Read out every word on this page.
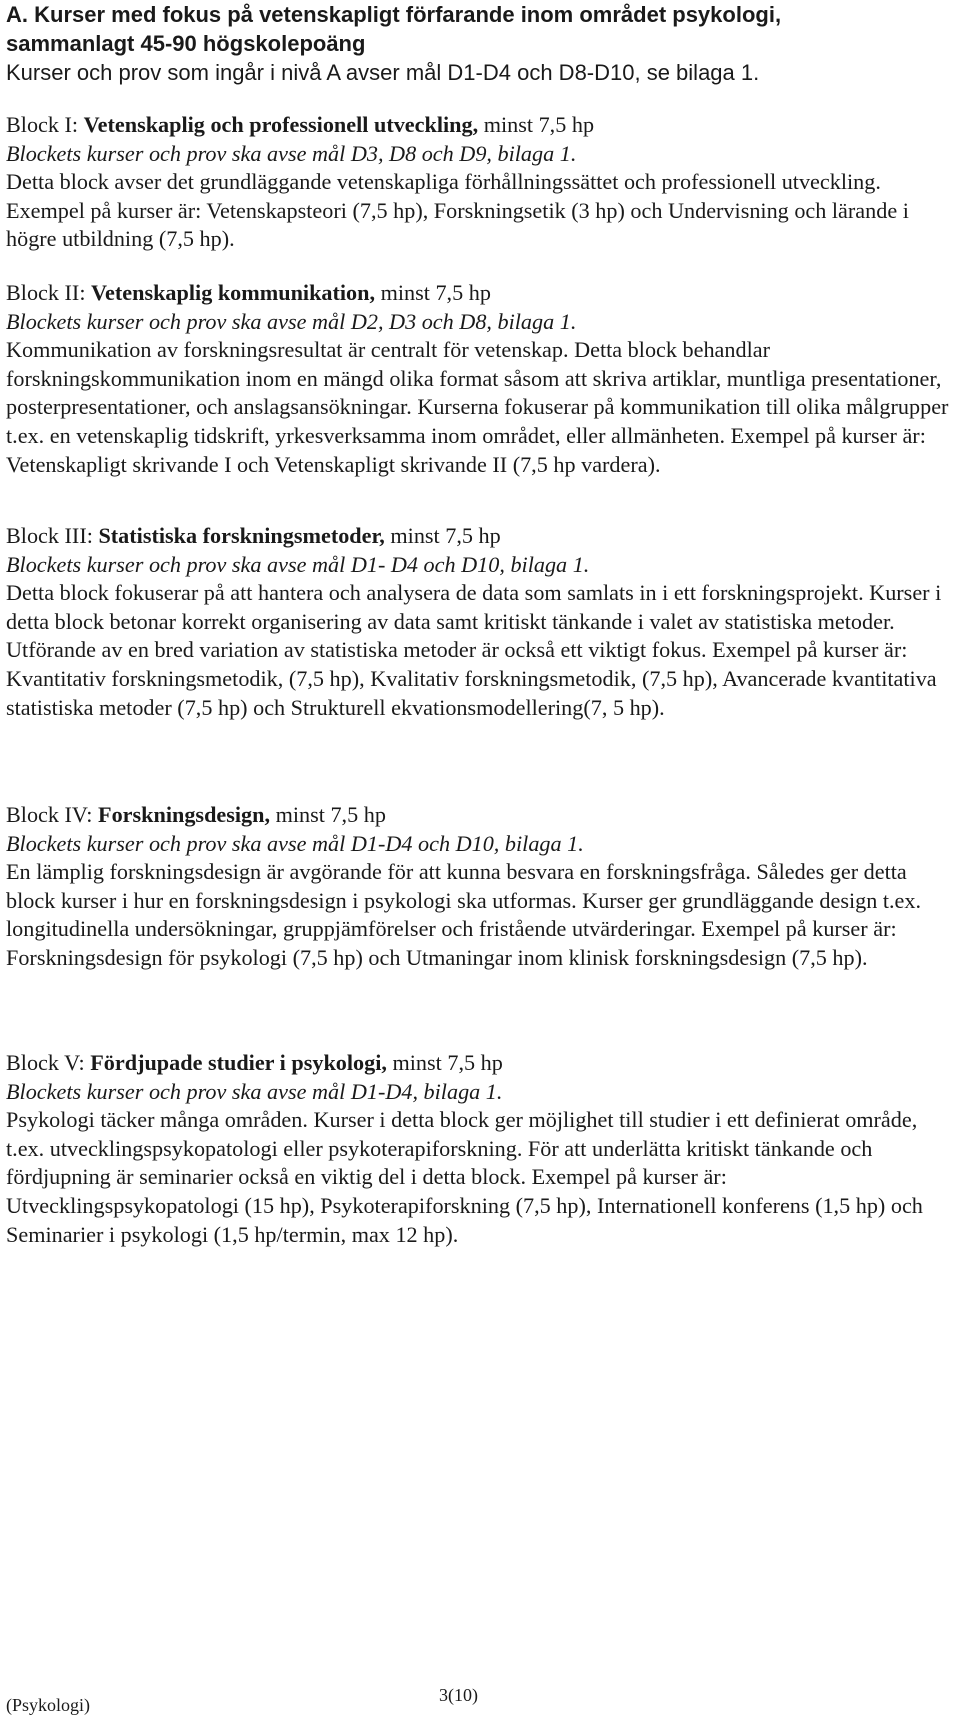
A. Kurser med fokus på vetenskapligt förfarande inom området psykologi,

sammanlagt 45-90 högskolepoäng

Kurser och prov som ingår i nivå A avser mål D1-D4 och D8-D10, se bilaga 1.

Block I: Vetenskaplig och professionell utveckling, minst 7,5 hp

Blockets kurser och prov ska avse mål D3, D8 och D9, bilaga 1.

Detta block avser det grundläggande vetenskapliga förhållningssättet och professionell utveckling. Exempel på kurser är: Vetenskapsteori (7,5 hp), Forskningsetik (3 hp) och Undervisning och lärande i högre utbildning (7,5 hp).

Block II: Vetenskaplig kommunikation, minst 7,5 hp

Blockets kurser och prov ska avse mål D2, D3 och D8, bilaga 1.

Kommunikation av forskningsresultat är centralt för vetenskap. Detta block behandlar forskningskommunikation inom en mängd olika format såsom att skriva artiklar, muntliga presentationer, posterpresentationer, och anslagsansökningar. Kurserna fokuserar på kommunikation till olika målgrupper t.ex. en vetenskaplig tidskrift, yrkesverksamma inom området, eller allmänheten. Exempel på kurser är: Vetenskapligt skrivande I och Vetenskapligt skrivande II (7,5 hp vardera).

Block III: Statistiska forskningsmetoder, minst 7,5 hp

Blockets kurser och prov ska avse mål D1- D4 och D10, bilaga 1.

Detta block fokuserar på att hantera och analysera de data som samlats in i ett forskningsprojekt. Kurser i detta block betonar korrekt organisering av data samt kritiskt tänkande i valet av statistiska metoder. Utförande av en bred variation av statistiska metoder är också ett viktigt fokus. Exempel på kurser är: Kvantitativ forskningsmetodik, (7,5 hp), Kvalitativ forskningsmetodik, (7,5 hp), Avancerade kvantitativa statistiska metoder (7,5 hp) och Strukturell ekvationsmodellering(7, 5 hp).

Block IV: Forskningsdesign, minst 7,5 hp

Blockets kurser och prov ska avse mål D1-D4 och D10, bilaga 1.

En lämplig forskningsdesign är avgörande för att kunna besvara en forskningsfråga. Således ger detta block kurser i hur en forskningsdesign i psykologi ska utformas. Kurser ger grundläggande design t.ex. longitudinella undersökningar, gruppjämförelser och fristående utvärderingar. Exempel på kurser är: Forskningsdesign för psykologi (7,5 hp) och Utmaningar inom klinisk forskningsdesign (7,5 hp).

Block V: Fördjupade studier i psykologi, minst 7,5 hp

Blockets kurser och prov ska avse mål D1-D4, bilaga 1.

Psykologi täcker många områden. Kurser i detta block ger möjlighet till studier i ett definierat område, t.ex. utvecklingspsykopatologi eller psykoterapiforskning. För att underlätta kritiskt tänkande och fördjupning är seminarier också en viktig del i detta block. Exempel på kurser är: Utvecklingspsykopatologi (15 hp), Psykoterapiforskning (7,5 hp), Internationell konferens (1,5 hp) och Seminarier i psykologi (1,5 hp/termin, max 12 hp).

3(10)
(Psykologi)
